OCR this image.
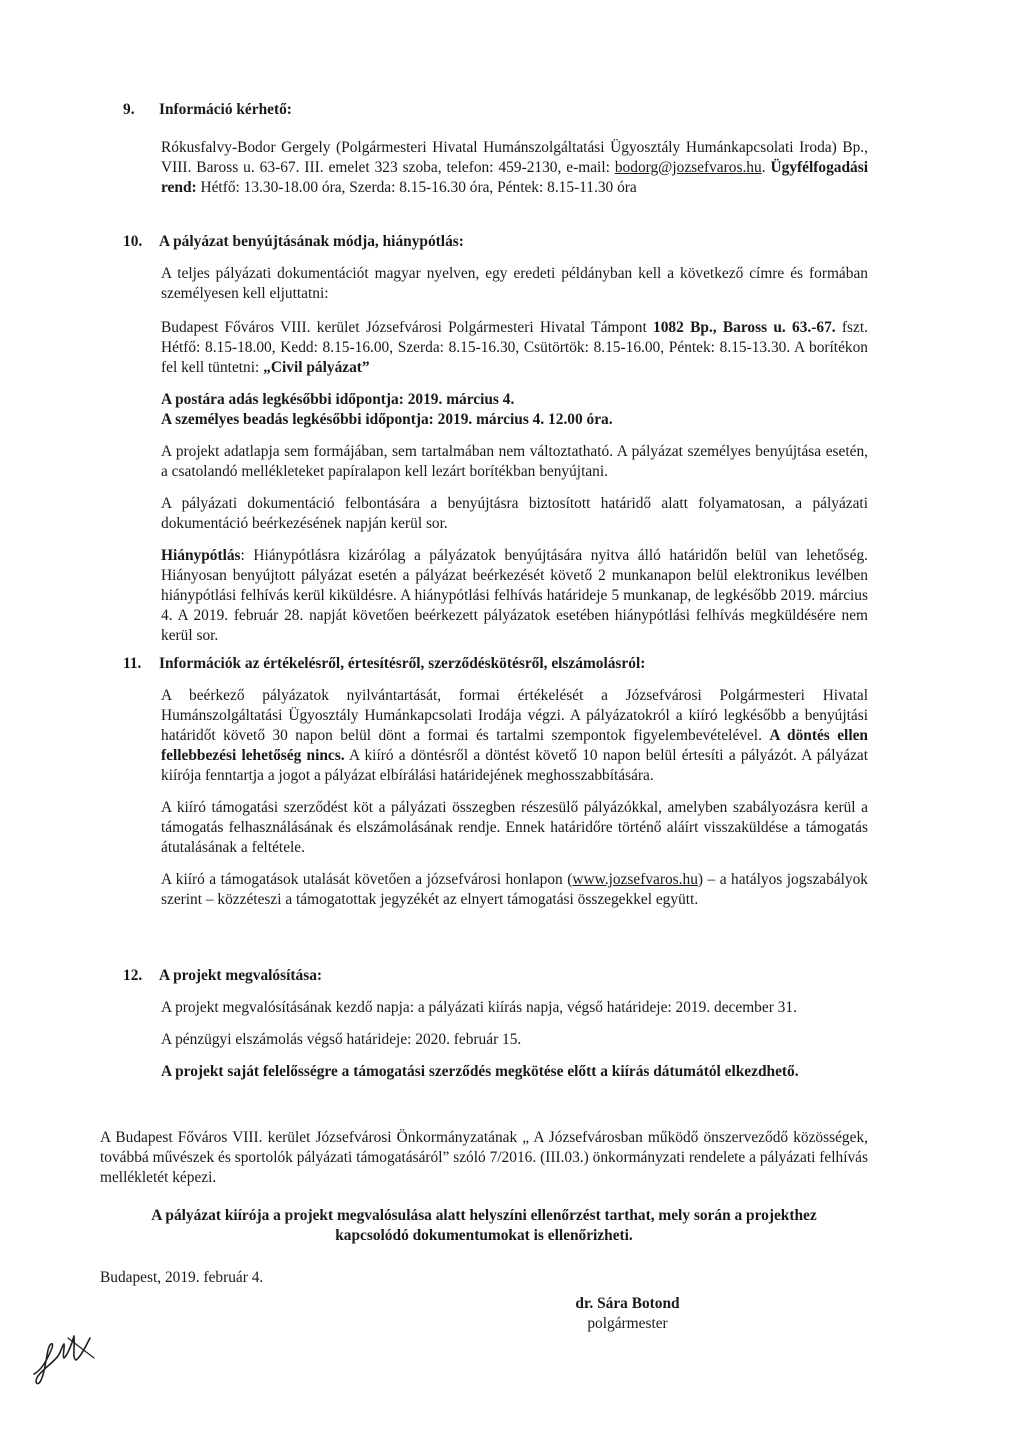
9. Információ kérhető:

Rókusfalvy-Bodor Gergely (Polgármesteri Hivatal Humánszolgáltatási Ügyosztály Humánkapcsolati Iroda) Bp., VIII. Baross u. 63-67. III. emelet 323 szoba, telefon: 459-2130, e-mail: bodorg@jozsefvaros.hu. Ügyfélfogadási rend: Hétfő: 13.30-18.00 óra, Szerda: 8.15-16.30 óra, Péntek: 8.15-11.30 óra

10. A pályázat benyújtásának módja, hiánypótlás:

A teljes pályázati dokumentációt magyar nyelven, egy eredeti példányban kell a következő címre és formában személyesen kell eljuttatni:

Budapest Főváros VIII. kerület Józsefvárosi Polgármesteri Hivatal Támpont 1082 Bp., Baross u. 63.-67. fszt. Hétfő: 8.15-18.00, Kedd: 8.15-16.00, Szerda: 8.15-16.30, Csütörtök: 8.15-16.00, Péntek: 8.15-13.30. A borítékon fel kell tüntetni: „Civil pályázat”

A postára adás legkésőbbi időpontja: 2019. március 4.

A személyes beadás legkésőbbi időpontja: 2019. március 4. 12.00 óra.

A projekt adatlapja sem formájában, sem tartalmában nem változtatható. A pályázat személyes benyújtása esetén, a csatolandó mellékleteket papíralapon kell lezárt borítékban benyújtani.

A pályázati dokumentáció felbontására a benyújtásra biztosított határidő alatt folyamatosan, a pályázati dokumentáció beérkezésének napján kerül sor.

Hiánypótlás: Hiánypótlásra kizárólag a pályázatok benyújtására nyitva álló határidőn belül van lehetőség. Hiányosan benyújtott pályázat esetén a pályázat beérkezését követő 2 munkanapon belül elektronikus levélben hiánypótlási felhívás kerül kiküldésre. A hiánypótlási felhívás határideje 5 munkanap, de legkésőbb 2019. március 4. A 2019. február 28. napját követően beérkezett pályázatok esetében hiánypótlási felhívás megküldésére nem kerül sor.

11. Információk az értékelésről, értesítésről, szerződéskötésről, elszámolásról:

A beérkező pályázatok nyilvántartását, formai értékelését a Józsefvárosi Polgármesteri Hivatal Humánszolgáltatási Ügyosztály Humánkapcsolati Irodája végzi. A pályázatokról a kiíró legkésőbb a benyújtási határidőt követő 30 napon belül dönt a formai és tartalmi szempontok figyelembevételével. A döntés ellen fellebbezési lehetőség nincs. A kiíró a döntésről a döntést követő 10 napon belül értesíti a pályázót. A pályázat kiírója fenntartja a jogot a pályázat elbírálási határidejének meghosszabbítására.

A kiíró támogatási szerződést köt a pályázati összegben részesülő pályázókkal, amelyben szabályozásra kerül a támogatás felhasználásának és elszámolásának rendje. Ennek határidőre történő aláírt visszaküldése a támogatás átutalásának a feltétele.

A kiíró a támogatások utalását követően a józsefvárosi honlapon (www.jozsefvaros.hu) – a hatályos jogszabályok szerint – közzéteszi a támogatottak jegyzékét az elnyert támogatási összegekkel együtt.

12. A projekt megvalósítása:

A projekt megvalósításának kezdő napja: a pályázati kiírás napja, végső határideje: 2019. december 31.

A pénzügyi elszámolás végső határideje: 2020. február 15.

A projekt saját felelősségre a támogatási szerződés megkötése előtt a kiírás dátumától elkezdhető.

A Budapest Főváros VIII. kerület Józsefvárosi Önkormányzatának „ A Józsefvárosban működő önszerveződő közösségek, továbbá művészek és sportolók pályázati támogatásáról” szóló 7/2016. (III.03.) önkormányzati rendelete a pályázati felhívás mellékletét képezi.

A pályázat kiírója a projekt megvalósulása alatt helyszíni ellenőrzést tarthat, mely során a projekthez kapcsolódó dokumentumokat is ellenőrizheti.

Budapest, 2019. február 4.
dr. Sára Botond
polgármester
